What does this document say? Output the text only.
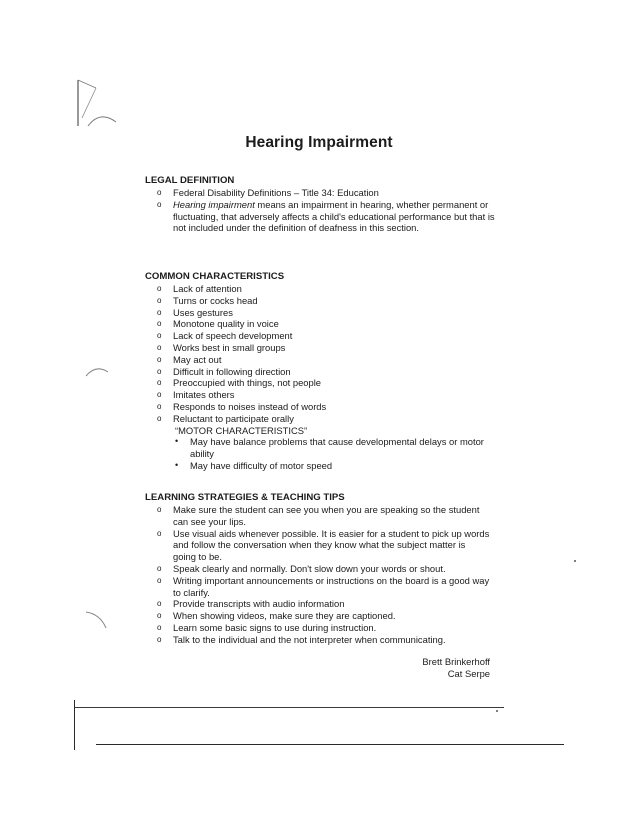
Hearing Impairment

LEGAL DEFINITION

o Federal Disability Definitions – Title 34: Education
o Hearing impairment means an impairment in hearing, whether permanent or fluctuating, that adversely affects a child's educational performance but that is not included under the definition of deafness in this section.

COMMON CHARACTERISTICS

o Lack of attention
o Turns or cocks head
o Uses gestures
o Monotone quality in voice
o Lack of speech development
o Works best in small groups
o May act out
o Difficult in following direction
o Preoccupied with things, not people
o Imitates others
o Responds to noises instead of words
o Reluctant to participate orally
“MOTOR CHARACTERISTICS”
• May have balance problems that cause developmental delays or motor ability
• May have difficulty of motor speed

LEARNING STRATEGIES & TEACHING TIPS

o Make sure the student can see you when you are speaking so the student can see your lips.
o Use visual aids whenever possible. It is easier for a student to pick up words and follow the conversation when they know what the subject matter is going to be.
o Speak clearly and normally. Don't slow down your words or shout.
o Writing important announcements or instructions on the board is a good way to clarify.
o Provide transcripts with audio information
o When showing videos, make sure they are captioned.
o Learn some basic signs to use during instruction.
o Talk to the individual and the not interpreter when communicating.
Brett Brinkerhoff
Cat Serpe
